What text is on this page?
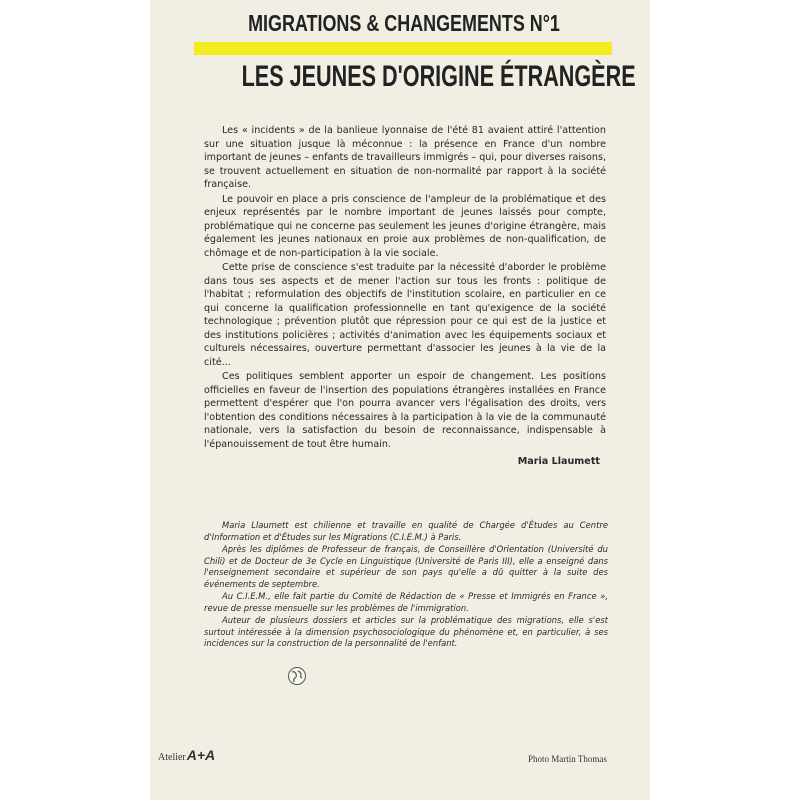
MIGRATIONS & CHANGEMENTS N°1
LES JEUNES D'ORIGINE ÉTRANGÈRE

Les « incidents » de la banlieue lyonnaise de l'été 81 avaient attiré l'attention sur une situation jusque là méconnue : la présence en France d'un nombre important de jeunes – enfants de travailleurs immigrés – qui, pour diverses raisons, se trouvent actuellement en situation de non-normalité par rapport à la société française.

Le pouvoir en place a pris conscience de l'ampleur de la problématique et des enjeux représentés par le nombre important de jeunes laissés pour compte, problématique qui ne concerne pas seulement les jeunes d'origine étrangère, mais également les jeunes nationaux en proie aux problèmes de non-qualification, de chômage et de non-participation à la vie sociale.

Cette prise de conscience s'est traduite par la nécessité d'aborder le problème dans tous ses aspects et de mener l'action sur tous les fronts : politique de l'habitat ; reformulation des objectifs de l'institution scolaire, en particulier en ce qui concerne la qualification professionnelle en tant qu'exigence de la société technologique ; prévention plutôt que répression pour ce qui est de la justice et des institutions policières ; activités d'animation avec les équipements sociaux et culturels nécessaires, ouverture permettant d'associer les jeunes à la vie de la cité...

Ces politiques semblent apporter un espoir de changement. Les positions officielles en faveur de l'insertion des populations étrangères installées en France permettent d'espérer que l'on pourra avancer vers l'égalisation des droits, vers l'obtention des conditions nécessaires à la participation à la vie de la communauté nationale, vers la satisfaction du besoin de reconnaissance, indispensable à l'épanouissement de tout être humain.

Maria Llaumett

Maria Llaumett est chilienne et travaille en qualité de Chargée d'Études au Centre d'Information et d'Études sur les Migrations (C.I.E.M.) à Paris.

Après les diplômes de Professeur de français, de Conseillère d'Orientation (Université du Chili) et de Docteur de 3e Cycle en Linguistique (Université de Paris III), elle a enseigné dans l'enseignement secondaire et supérieur de son pays qu'elle a dû quitter à la suite des événements de septembre.

Au C.I.E.M., elle fait partie du Comité de Rédaction de « Presse et Immigrés en France », revue de presse mensuelle sur les problèmes de l'immigration.

Auteur de plusieurs dossiers et articles sur la problématique des migrations, elle s'est surtout intéressée à la dimension psychosociologique du phénomène et, en particulier, à ses incidences sur la construction de la personnalité de l'enfant.

AtelierA+A	Photo Martin Thomas
